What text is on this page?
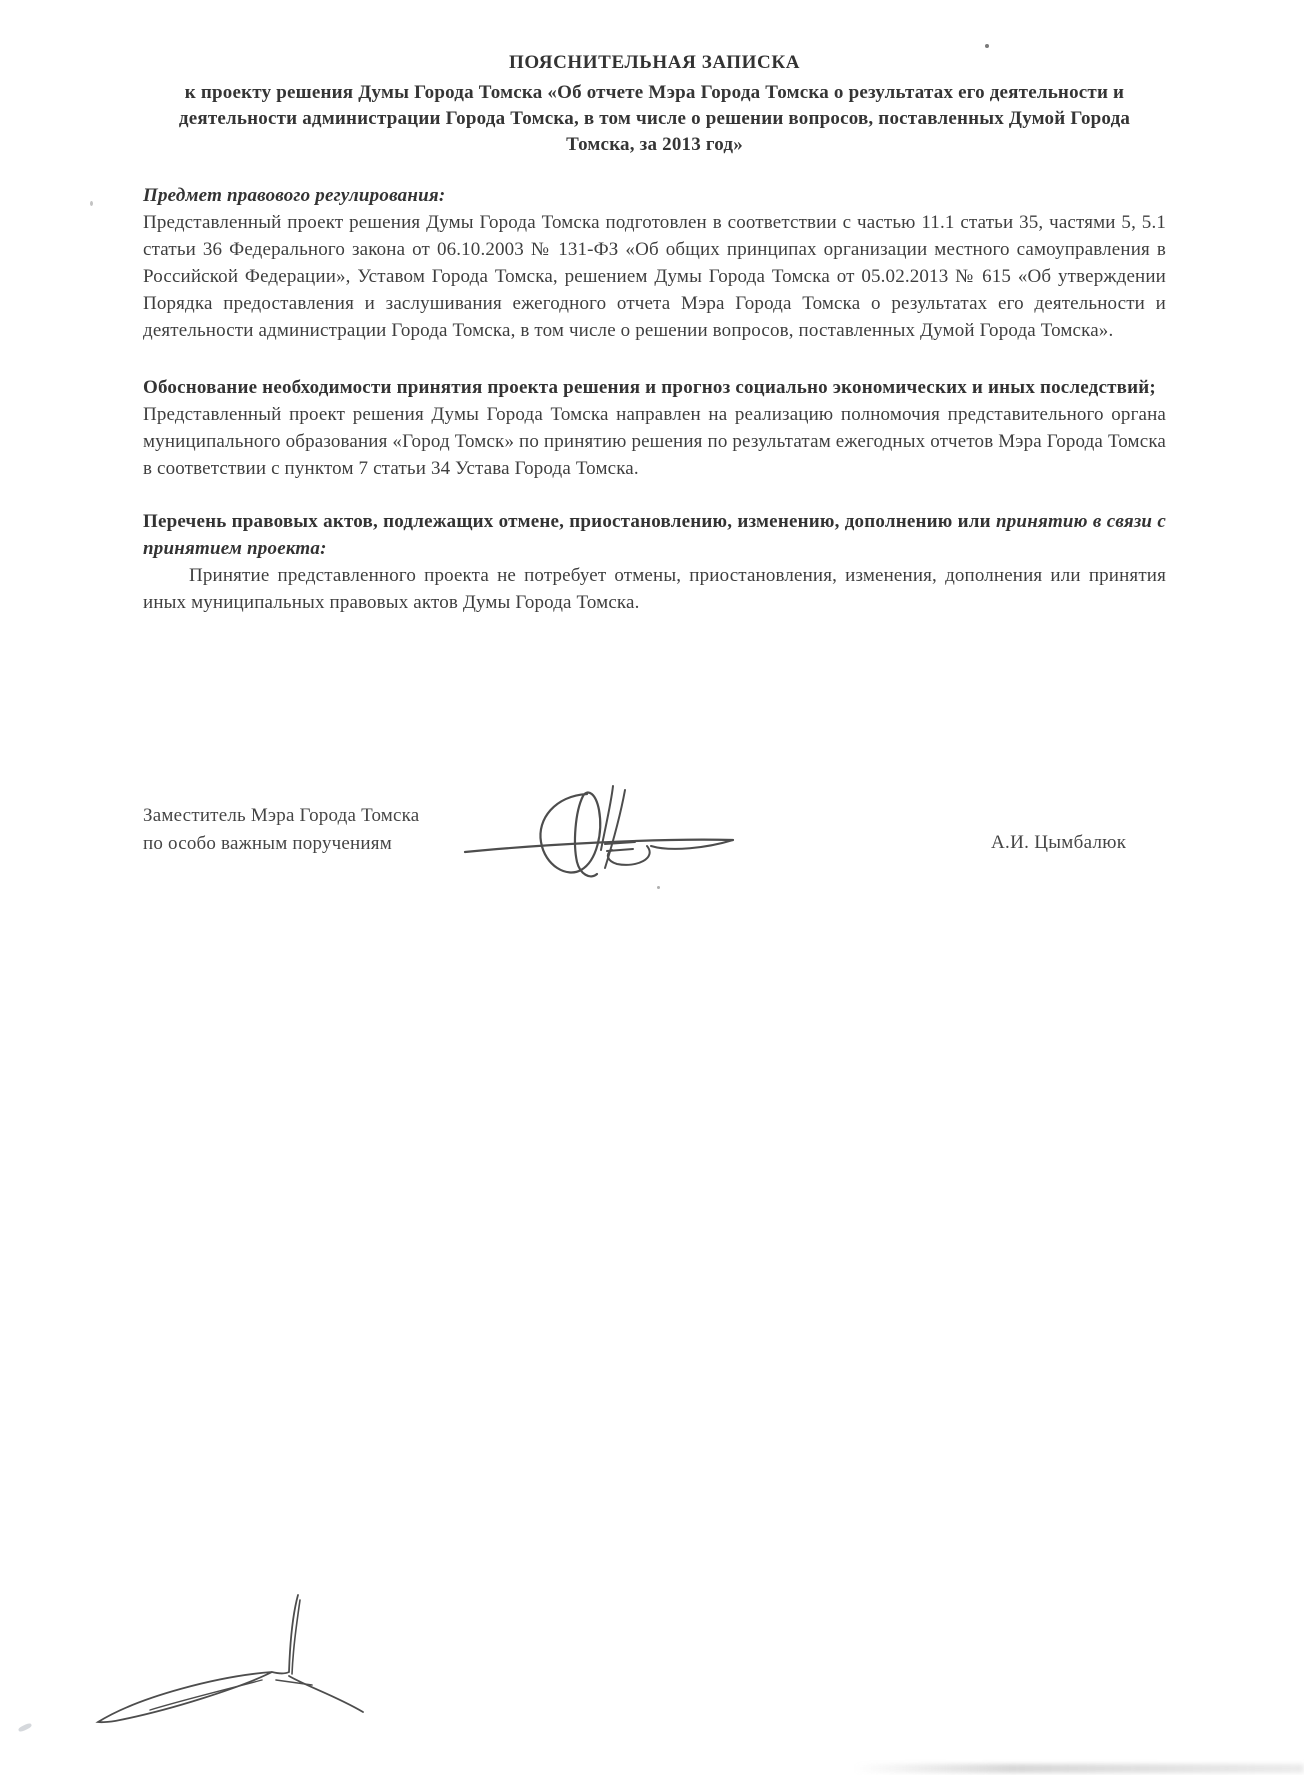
ПОЯСНИТЕЛЬНАЯ ЗАПИСКА
к проекту решения Думы Города Томска «Об отчете Мэра Города Томска о результатах его деятельности и деятельности администрации Города Томска, в том числе о решении вопросов, поставленных Думой Города Томска, за 2013 год»
Предмет правового регулирования:

Представленный проект решения Думы Города Томска подготовлен в соответствии с частью 11.1 статьи 35, частями 5, 5.1 статьи 36 Федерального закона от 06.10.2003 № 131-ФЗ «Об общих принципах организации местного самоуправления в Российской Федерации», Уставом Города Томска, решением Думы Города Томска от 05.02.2013 № 615 «Об утверждении Порядка предоставления и заслушивания ежегодного отчета Мэра Города Томска о результатах его деятельности и деятельности администрации Города Томска, в том числе о решении вопросов, поставленных Думой Города Томска».

Обоснование необходимости принятия проекта решения и прогноз социально экономических и иных последствий;

Представленный проект решения Думы Города Томска направлен на реализацию полномочия представительного органа муниципального образования «Город Томск» по принятию решения по результатам ежегодных отчетов Мэра Города Томска в соответствии с пунктом 7 статьи 34 Устава Города Томска.

Перечень правовых актов, подлежащих отмене, приостановлению, изменению, дополнению или принятию в связи с принятием проекта:

Принятие представленного проекта не потребует отмены, приостановления, изменения, дополнения или принятия иных муниципальных правовых актов Думы Города Томска.

Заместитель Мэра Города Томска
по особо важным поручениям	А.И. Цымбалюк
